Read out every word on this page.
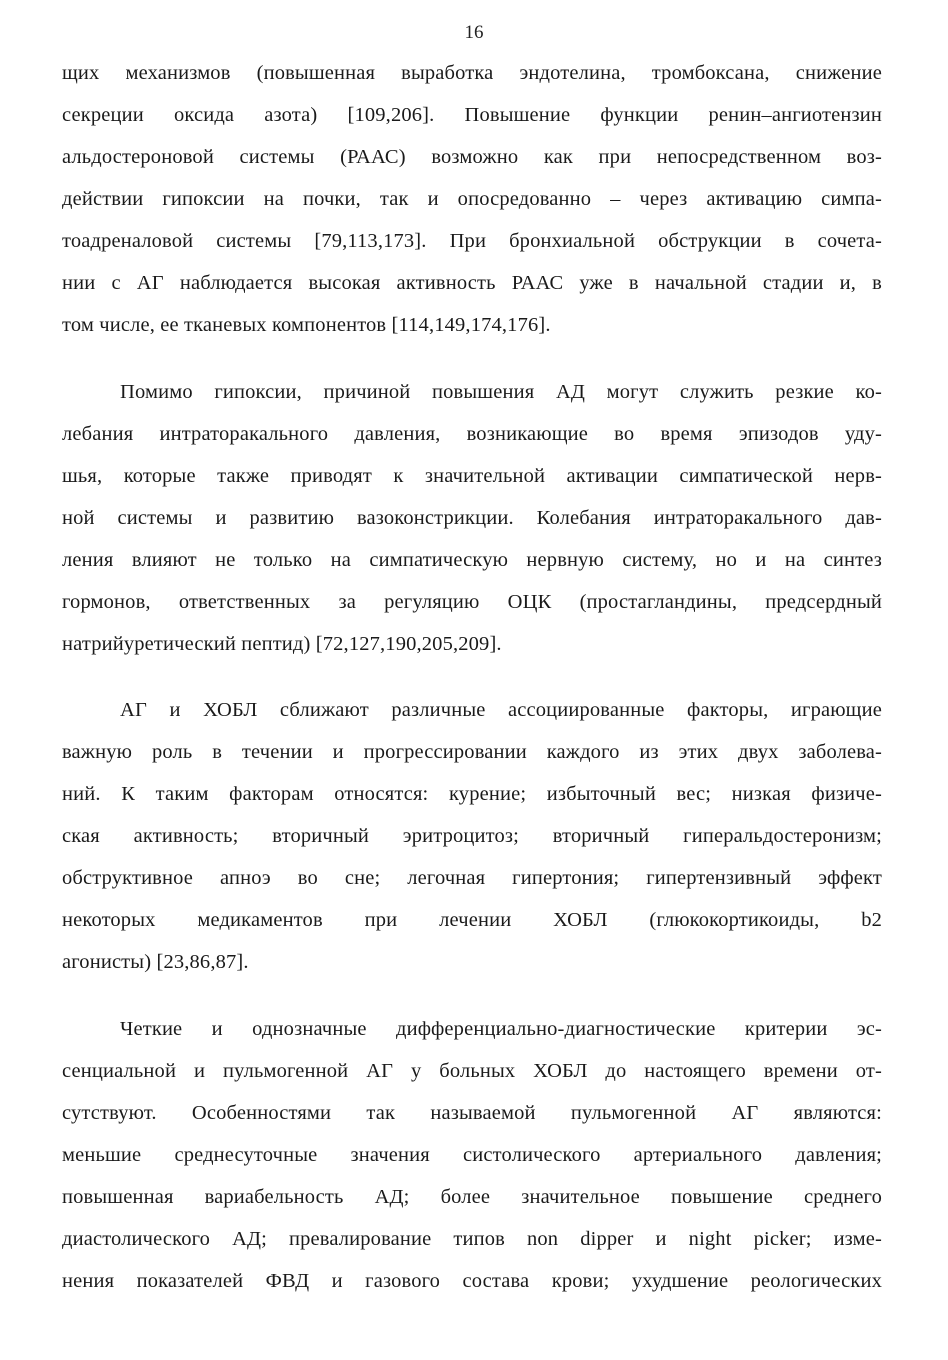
16
щих механизмов (повышенная выработка эндотелина, тромбоксана, снижение
секреции оксида азота) [109,206]. Повышение функции ренин–ангиотензин
альдостероновой системы (РААС) возможно как при непосредственном воз-
действии гипоксии на почки, так и опосредованно – через активацию симпа-
тоадреналовой системы [79,113,173]. При бронхиальной обструкции в сочета-
нии с АГ наблюдается высокая активность РААС уже в начальной стадии и, в
том числе, ее тканевых компонентов [114,149,174,176].
Помимо гипоксии, причиной повышения АД могут служить резкие ко-
лебания интраторакального давления, возникающие во время эпизодов уду-
шья, которые также приводят к значительной активации симпатической нерв-
ной системы и развитию вазоконстрикции. Колебания интраторакального дав-
ления влияют не только на симпатическую нервную систему, но и на синтез
гормонов, ответственных за регуляцию ОЦК (простагландины, предсердный
натрийуретический пептид) [72,127,190,205,209].
АГ и ХОБЛ сближают различные ассоциированные факторы, играющие
важную роль в течении и прогрессировании каждого из этих двух заболева-
ний. К таким факторам относятся: курение; избыточный вес; низкая физиче-
ская активность; вторичный эритроцитоз; вторичный гиперальдостеронизм;
обструктивное апноэ во сне; легочная гипертония; гипертензивный эффект
некоторых медикаментов при лечении ХОБЛ (глюкокортикоиды, b2
агонисты) [23,86,87].
Четкие и однозначные дифференциально-диагностические критерии эс-
сенциальной и пульмогенной АГ у больных ХОБЛ до настоящего времени от-
сутствуют. Особенностями так называемой пульмогенной АГ являются:
меньшие среднесуточные значения систолического артериального давления;
повышенная вариабельность АД; более значительное повышение среднего
диастолического АД; превалирование типов non dipper и night picker; изме-
нения показателей ФВД и газового состава крови; ухудшение реологических
